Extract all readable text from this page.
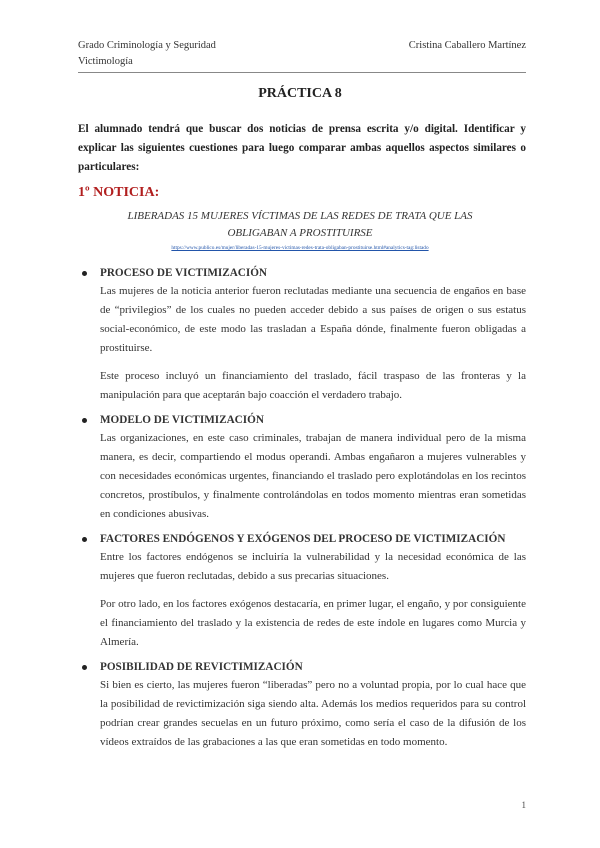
Grado Criminología y Seguridad	Cristina Caballero Martínez
Victimología
PRÁCTICA 8
El alumnado tendrá que buscar dos noticias de prensa escrita y/o digital. Identificar y explicar las siguientes cuestiones para luego comparar ambas aquellos aspectos similares o particulares:
1º NOTICIA:
LIBERADAS 15 MUJERES VÍCTIMAS DE LAS REDES DE TRATA QUE LAS OBLIGABAN A PROSTITUIRSE
https://www.publico.es/mujer/liberadas-15-mujeres-victimas-redes-trata-obligaban-prostituirse.html#analytics-tag:listado
PROCESO DE VICTIMIZACIÓN
Las mujeres de la noticia anterior fueron reclutadas mediante una secuencia de engaños en base de “privilegios” de los cuales no pueden acceder debido a sus países de origen o sus estatus social-económico, de este modo las trasladan a España dónde, finalmente fueron obligadas a prostituirse.
Este proceso incluyó un financiamiento del traslado, fácil traspaso de las fronteras y la manipulación para que aceptarán bajo coacción el verdadero trabajo.
MODELO DE VICTIMIZACIÓN
Las organizaciones, en este caso criminales, trabajan de manera individual pero de la misma manera, es decir, compartiendo el modus operandi. Ambas engañaron a mujeres vulnerables y con necesidades económicas urgentes, financiando el traslado pero explotándolas en los recintos concretos, prostíbulos, y finalmente controlándolas en todos momento mientras eran sometidas en condiciones abusivas.
FACTORES ENDÓGENOS Y EXÓGENOS DEL PROCESO DE VICTIMIZACIÓN
Entre los factores endógenos se incluiría la vulnerabilidad y la necesidad económica de las mujeres que fueron reclutadas, debido a sus precarias situaciones.
Por otro lado, en los factores exógenos destacaría, en primer lugar, el engaño, y por consiguiente el financiamiento del traslado y la existencia de redes de este índole en lugares como Murcia y Almería.
POSIBILIDAD DE REVICTIMIZACIÓN
Si bien es cierto, las mujeres fueron “liberadas” pero no a voluntad propia, por lo cual hace que la posibilidad de revictimización siga siendo alta. Además los medios requeridos para su control podrían crear grandes secuelas en un futuro próximo, como sería el caso de la difusión de los vídeos extraídos de las grabaciones a las que eran sometidas en todo momento.
1
